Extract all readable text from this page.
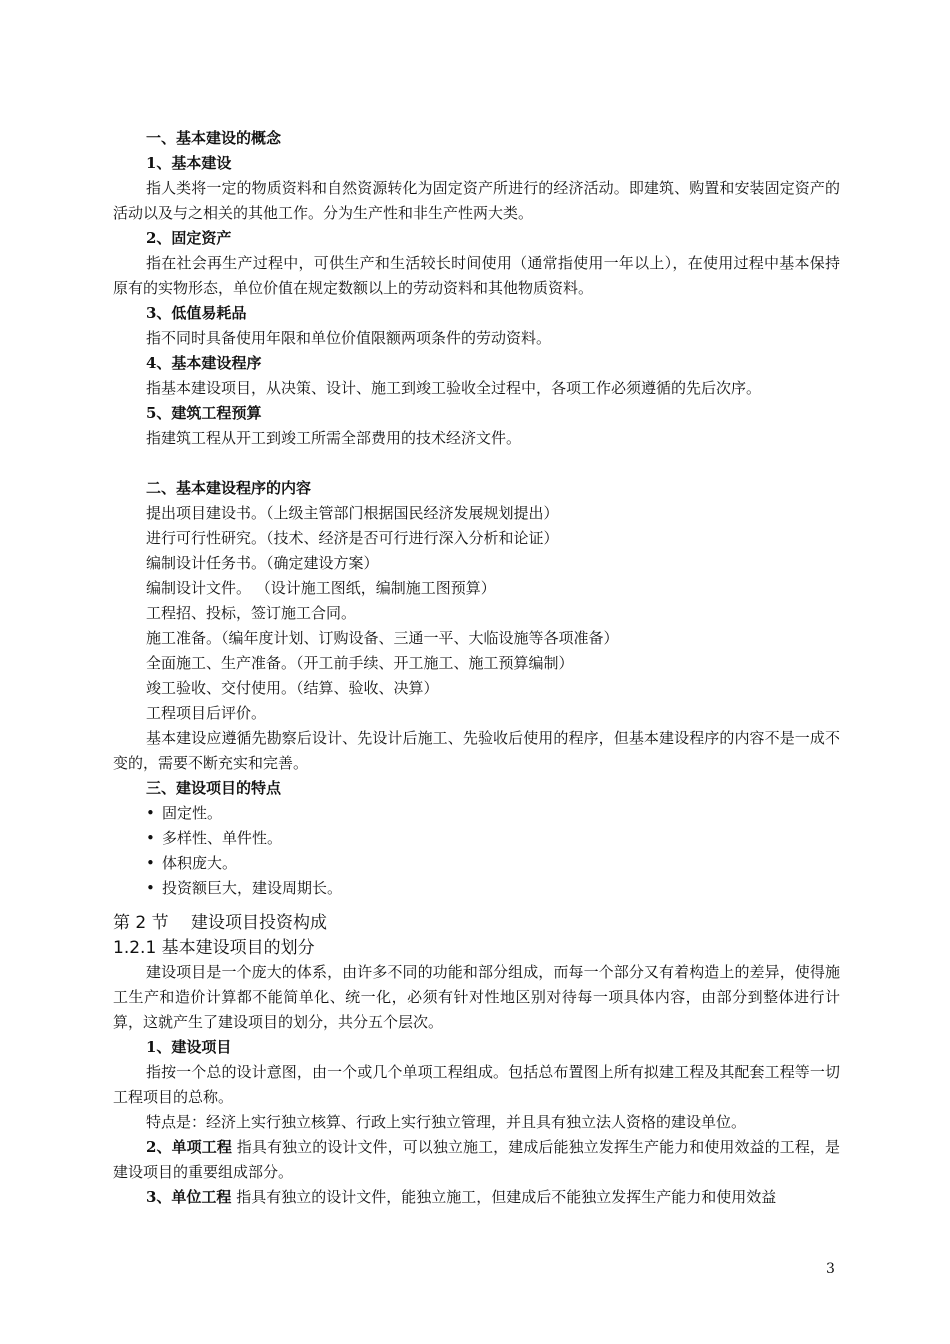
一、基本建设的概念

1、基本建设

指人类将一定的物质资料和自然资源转化为固定资产所进行的经济活动。即建筑、购置和安装固定资产的活动以及与之相关的其他工作。分为生产性和非生产性两大类。

2、固定资产

指在社会再生产过程中，可供生产和生活较长时间使用（通常指使用一年以上），在使用过程中基本保持原有的实物形态，单位价值在规定数额以上的劳动资料和其他物质资料。

3、低值易耗品

指不同时具备使用年限和单位价值限额两项条件的劳动资料。

4、基本建设程序

指基本建设项目，从决策、设计、施工到竣工验收全过程中，各项工作必须遵循的先后次序。

5、建筑工程预算

指建筑工程从开工到竣工所需全部费用的技术经济文件。

二、基本建设程序的内容

提出项目建设书。（上级主管部门根据国民经济发展规划提出）

进行可行性研究。（技术、经济是否可行进行深入分析和论证）

编制设计任务书。（确定建设方案）

编制设计文件。 （设计施工图纸，编制施工图预算）

工程招、投标，签订施工合同。

施工准备。（编年度计划、订购设备、三通一平、大临设施等各项准备）

全面施工、生产准备。（开工前手续、开工施工、施工预算编制）

竣工验收、交付使用。（结算、验收、决算）

工程项目后评价。

基本建设应遵循先勘察后设计、先设计后施工、先验收后使用的程序，但基本建设程序的内容不是一成不变的，需要不断充实和完善。

三、建设项目的特点

• 固定性。
• 多样性、单件性。
• 体积庞大。
• 投资额巨大，建设周期长。

第 2 节　 建设项目投资构成

1.2.1 基本建设项目的划分

建设项目是一个庞大的体系，由许多不同的功能和部分组成，而每一个部分又有着构造上的差异，使得施工生产和造价计算都不能简单化、统一化，必须有针对性地区别对待每一项具体内容，由部分到整体进行计算，这就产生了建设项目的划分，共分五个层次。

1、建设项目

指按一个总的设计意图，由一个或几个单项工程组成。包括总布置图上所有拟建工程及其配套工程等一切工程项目的总称。

特点是：经济上实行独立核算、行政上实行独立管理，并且具有独立法人资格的建设单位。

2、单项工程 指具有独立的设计文件，可以独立施工，建成后能独立发挥生产能力和使用效益的工程，是建设项目的重要组成部分。

3、单位工程 指具有独立的设计文件，能独立施工，但建成后不能独立发挥生产能力和使用效益

3
